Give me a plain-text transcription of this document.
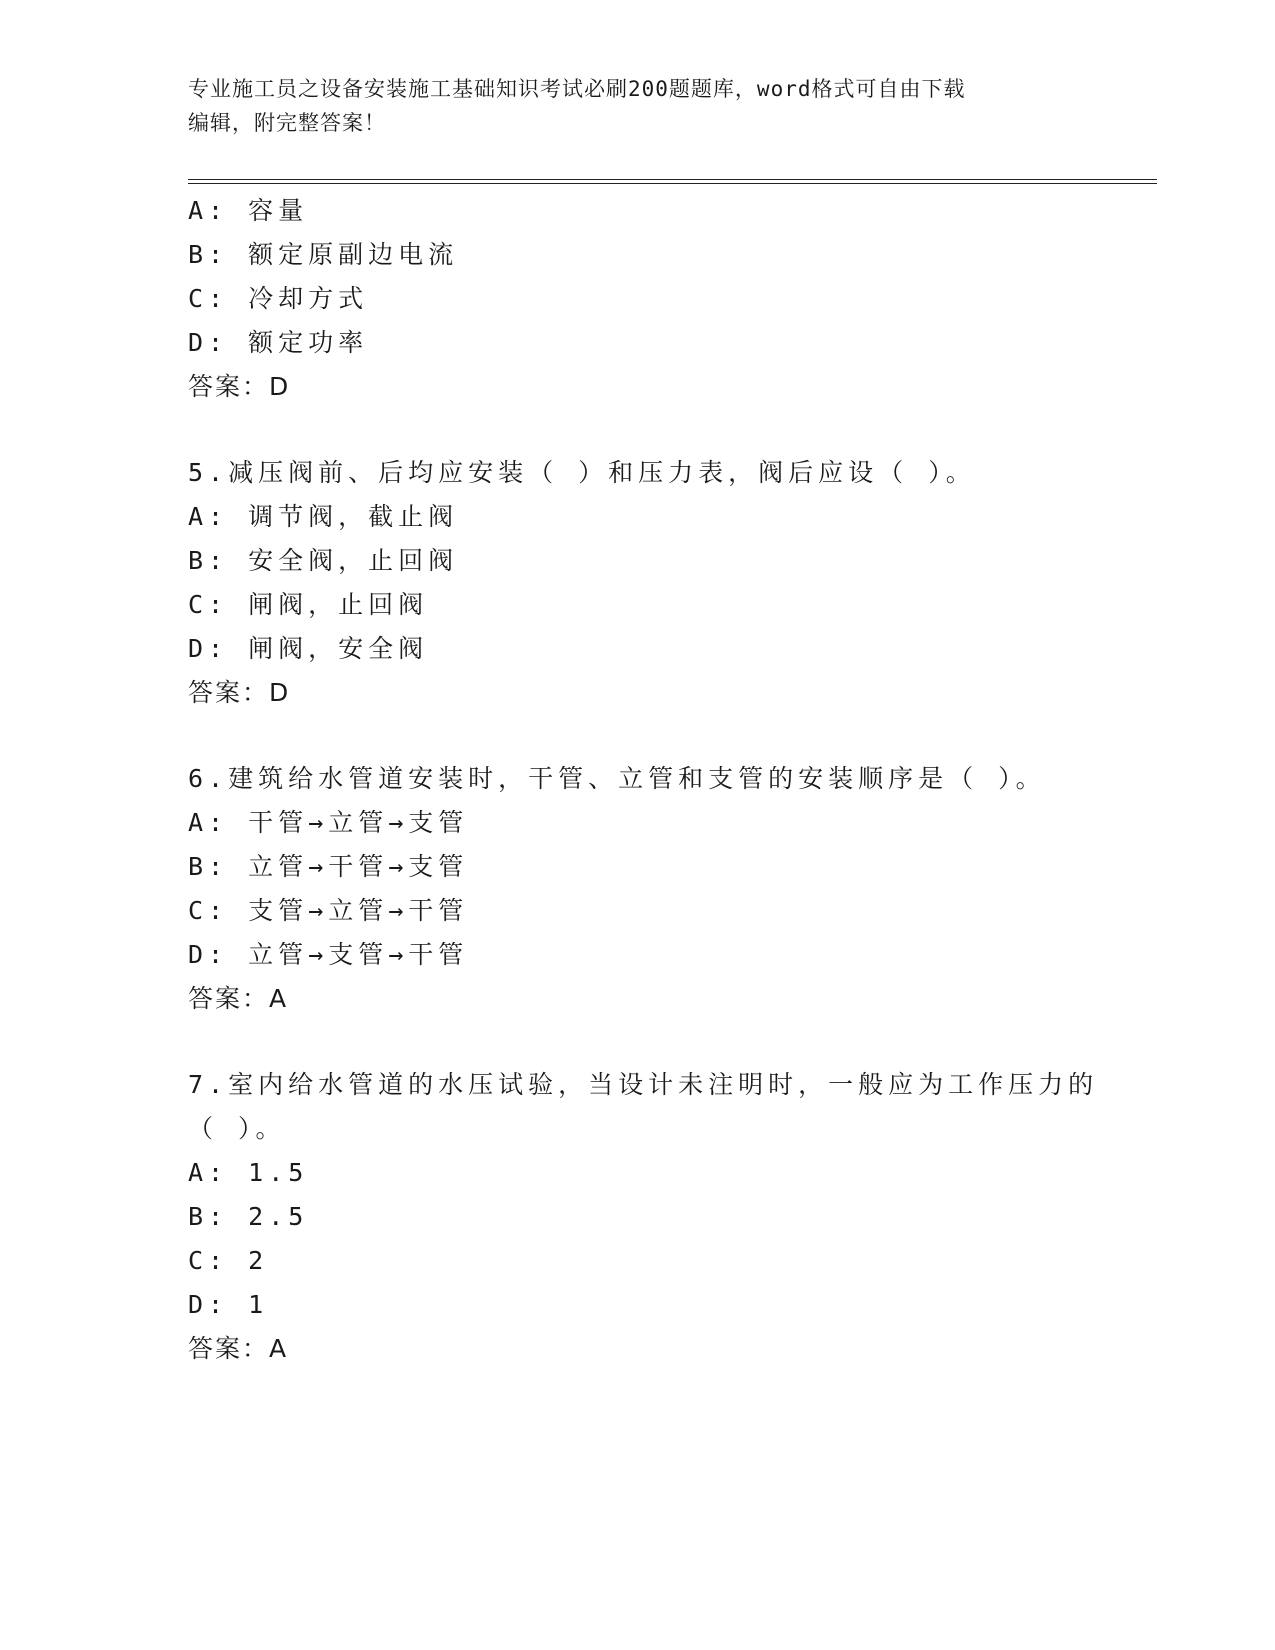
专业施工员之设备安装施工基础知识考试必刷200题题库，word格式可自由下载
编辑，附完整答案！
A: 容量
B: 额定原副边电流
C: 冷却方式
D: 额定功率
答案：D
5.减压阀前、后均应安装（ ）和压力表，阀后应设（ ）。
A: 调节阀，截止阀
B: 安全阀，止回阀
C: 闸阀，止回阀
D: 闸阀，安全阀
答案：D
6.建筑给水管道安装时，干管、立管和支管的安装顺序是（ ）。
A: 干管→立管→支管
B: 立管→干管→支管
C: 支管→立管→干管
D: 立管→支管→干管
答案：A
7.室内给水管道的水压试验，当设计未注明时，一般应为工作压力的
（ ）。
A: 1.5
B: 2.5
C: 2
D: 1
答案：A
